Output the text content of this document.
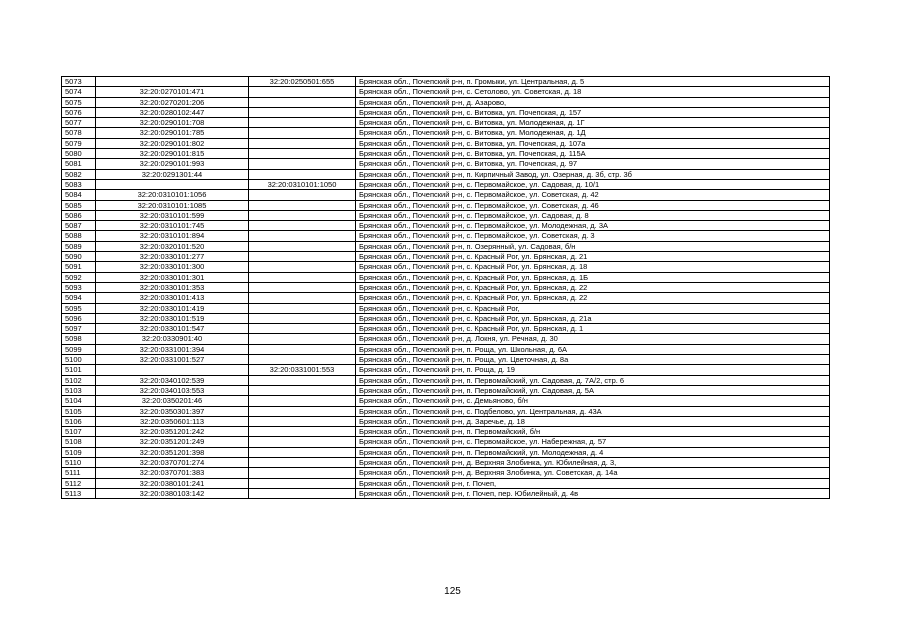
5073		32:20:0250501:655	Брянская обл., Почепский р-н, п. Громыки, ул. Центральная, д. 5
5074	32:20:0270101:471		Брянская обл., Почепский р-н, с. Сетолово, ул. Советская, д. 18
5075	32:20:0270201:206		Брянская обл., Почепский р-н, д. Азарово,
5076	32:20:0280102:447		Брянская обл., Почепский р-н, с. Витовка, ул. Почепская, д. 157
5077	32:20:0290101:708		Брянская обл., Почепский р-н, с. Витовка, ул. Молодежная, д. 1Г
5078	32:20:0290101:785		Брянская обл., Почепский р-н, с. Витовка, ул. Молодежная, д. 1Д
5079	32:20:0290101:802		Брянская обл., Почепский р-н, с. Витовка, ул. Почепская, д. 107а
5080	32:20:0290101:815		Брянская обл., Почепский р-н, с. Витовка, ул. Почепская, д. 115А
5081	32:20:0290101:993		Брянская обл., Почепский р-н, с. Витовка, ул. Почепская, д. 97
5082	32:20:0291301:44		Брянская обл., Почепский р-н, п. Кирпичный Завод, ул. Озерная, д. 3б, стр. 3б
5083		32:20:0310101:1050	Брянская обл., Почепский р-н, с. Первомайское, ул. Садовая, д. 10/1
5084	32:20:0310101:1056		Брянская обл., Почепский р-н, с. Первомайское, ул. Советская, д. 42
5085	32:20:0310101:1085		Брянская обл., Почепский р-н, с. Первомайское, ул. Советская, д. 46
5086	32:20:0310101:599		Брянская обл., Почепский р-н, с. Первомайское, ул. Садовая, д. 8
5087	32:20:0310101:745		Брянская обл., Почепский р-н, с. Первомайское, ул. Молодежная, д. 3А
5088	32:20:0310101:894		Брянская обл., Почепский р-н, с. Первомайское, ул. Советская, д. 3
5089	32:20:0320101:520		Брянская обл., Почепский р-н, п. Озерянный, ул. Садовая, б/н
5090	32:20:0330101:277		Брянская обл., Почепский р-н, с. Красный Рог, ул. Брянская, д. 21
5091	32:20:0330101:300		Брянская обл., Почепский р-н, с. Красный Рог, ул. Брянская, д. 18
5092	32:20:0330101:301		Брянская обл., Почепский р-н, с. Красный Рог, ул. Брянская, д. 1Б
5093	32:20:0330101:353		Брянская обл., Почепский р-н, с. Красный Рог, ул. Брянская, д. 22
5094	32:20:0330101:413		Брянская обл., Почепский р-н, с. Красный Рог, ул. Брянская, д. 22
5095	32:20:0330101:419		Брянская обл., Почепский р-н, с. Красный Рог,
5096	32:20:0330101:519		Брянская обл., Почепский р-н, с. Красный Рог, ул. Брянская, д. 21а
5097	32:20:0330101:547		Брянская обл., Почепский р-н, с. Красный Рог, ул. Брянская, д. 1
5098	32:20:0330901:40		Брянская обл., Почепский р-н, д. Локня, ул. Речная, д. 30
5099	32:20:0331001:394		Брянская обл., Почепский р-н, п. Роща, ул. Школьная, д. 6А
5100	32:20:0331001:527		Брянская обл., Почепский р-н, п. Роща, ул. Цветочная, д. 8а
5101		32:20:0331001:553	Брянская обл., Почепский р-н, п. Роща, д. 19
5102	32:20:0340102:539		Брянская обл., Почепский р-н, п. Первомайский, ул. Садовая, д. 7А/2, стр. 6
5103	32:20:0340103:553		Брянская обл., Почепский р-н, п. Первомайский, ул. Садовая, д. 5А
5104	32:20:0350201:46		Брянская обл., Почепский р-н, с. Демьяново, б/н
5105	32:20:0350301:397		Брянская обл., Почепский р-н, с. Подбелово, ул. Центральная, д. 43А
5106	32:20:0350601:113		Брянская обл., Почепский р-н, д. Заречье, д. 18
5107	32:20:0351201:242		Брянская обл., Почепский р-н, п. Первомайский, б/н
5108	32:20:0351201:249		Брянская обл., Почепский р-н, с. Первомайское, ул. Набережная, д. 57
5109	32:20:0351201:398		Брянская обл., Почепский р-н, п. Первомайский, ул. Молодежная, д. 4
5110	32:20:0370701:274		Брянская обл., Почепский р-н, д. Верхняя Злобинка, ул. Юбилейная, д. 3,
5111	32:20:0370701:383		Брянская обл., Почепский р-н, д. Верхняя Злобинка, ул. Советская, д. 14а
5112	32:20:0380101:241		Брянская обл., Почепский р-н, г. Почеп,
5113	32:20:0380103:142		Брянская обл., Почепский р-н, г. Почеп, пер. Юбилейный, д. 4в
125
